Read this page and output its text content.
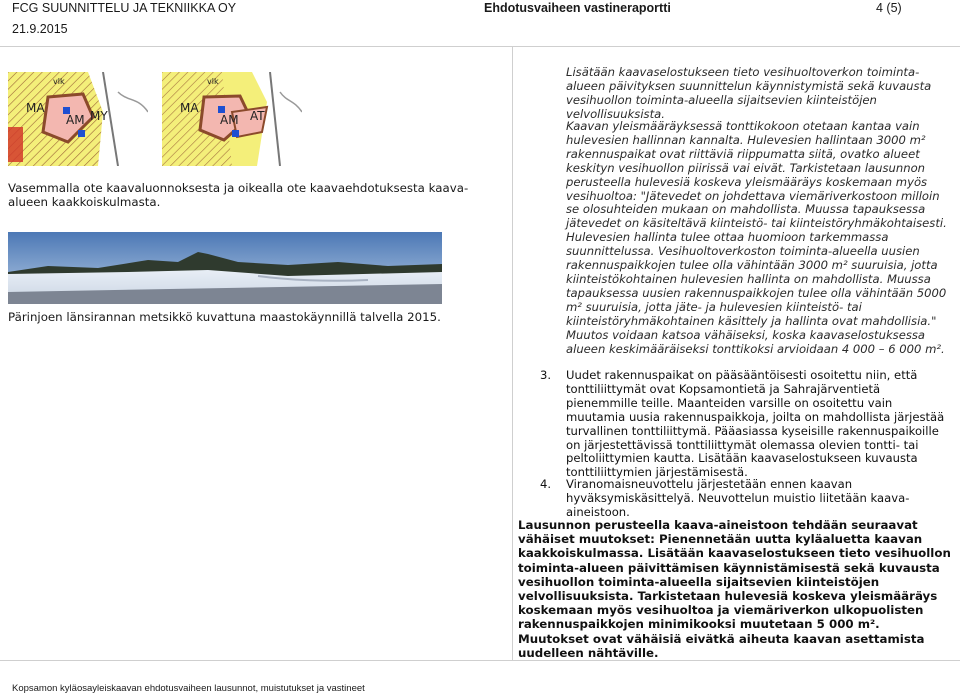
FCG SUUNNITTELU JA TEKNIIKKA OY
21.9.2015
Ehdotusvaiheen vastineraportti	4 (5)
MA
AM MY
vlk
MA
AM AT
vlk
Vasemmalla ote kaavaluonnoksesta ja oikealla ote kaavaehdotuksesta kaava-alueen kaakkoiskulmasta.
Pärinjoen länsirannan metsikkö kuvattuna maastokäynnillä talvella 2015.
Lisätään kaavaselostukseen tieto vesihuoltoverkon toiminta-alueen päivityksen suunnittelun käynnistymistä sekä kuvausta vesihuollon toiminta-alueella sijaitsevien kiinteistöjen velvollisuuksista.
Kaavan yleismääräyksessä tonttikokoon otetaan kantaa vain hulevesien hallinnan kannalta. Hulevesien hallintaan 3000 m² rakennuspaikat ovat riittäviä riippumatta siitä, ovatko alueet keskityn vesihuollon piirissä vai eivät. Tarkistetaan lausunnon perusteella hulevesiä koskeva yleismääräys koskemaan myös vesihuoltoa: "Jätevedet on johdettava viemäriverkostoon milloin se olosuhteiden mukaan on mahdollista. Muussa tapauksessa jätevedet on käsiteltävä kiinteistö- tai kiinteistöryhmäkohtaisesti. Hulevesien hallinta tulee ottaa huomioon tarkemmassa suunnittelussa. Vesihuoltoverkoston toiminta-alueella uusien rakennuspaikkojen tulee olla vähintään 3000 m² suuruisia, jotta kiinteistökohtainen hulevesien hallinta on mahdollista. Muussa tapauksessa uusien rakennuspaikkojen tulee olla vähintään 5000 m² suuruisia, jotta jäte- ja hulevesien kiinteistö- tai kiinteistöryhmäkohtainen käsittely ja hallinta ovat mahdollisia." Muutos voidaan katsoa vähäiseksi, koska kaavaselostuksessa alueen keskimääräiseksi tonttikoksi arvioidaan 4 000 – 6 000 m².
3. Uudet rakennuspaikat on pääsääntöisesti osoitettu niin, että tonttiliittymät ovat Kopsamontietä ja Sahrajärventietä pienemmille teille. Maanteiden varsille on osoitettu vain muutamia uusia rakennuspaikkoja, joilta on mahdollista järjestää turvallinen tonttiliittymä. Pääasiassa kyseisille rakennuspaikoille on järjestettävissä tonttiliittymät olemassa olevien tontti- tai peltoliittymien kautta. Lisätään kaavaselostukseen kuvausta tonttiliittymien järjestämisestä.
4. Viranomaisneuvottelu järjestetään ennen kaavan hyväksymiskäsittelyä. Neuvottelun muistio liitetään kaava-aineistoon.
Lausunnon perusteella kaava-aineistoon tehdään seuraavat vähäiset muutokset: Pienennetään uutta kyläaluetta kaavan kaakkoiskulmassa. Lisätään kaavaselostukseen tieto vesihuollon toiminta-alueen päivittämisen käynnistämisestä sekä kuvausta vesihuollon toiminta-alueella sijaitsevien kiinteistöjen velvollisuuksista. Tarkistetaan hulevesiä koskeva yleismääräys koskemaan myös vesihuoltoa ja viemäriverkon ulkopuolisten rakennuspaikkojen minimikooksi muutetaan 5 000 m². Muutokset ovat vähäisiä eivätkä aiheuta kaavan asettamista uudelleen nähtäville.
Kopsamon kyläosayleiskaavan ehdotusvaiheen lausunnot, muistutukset ja vastineet
